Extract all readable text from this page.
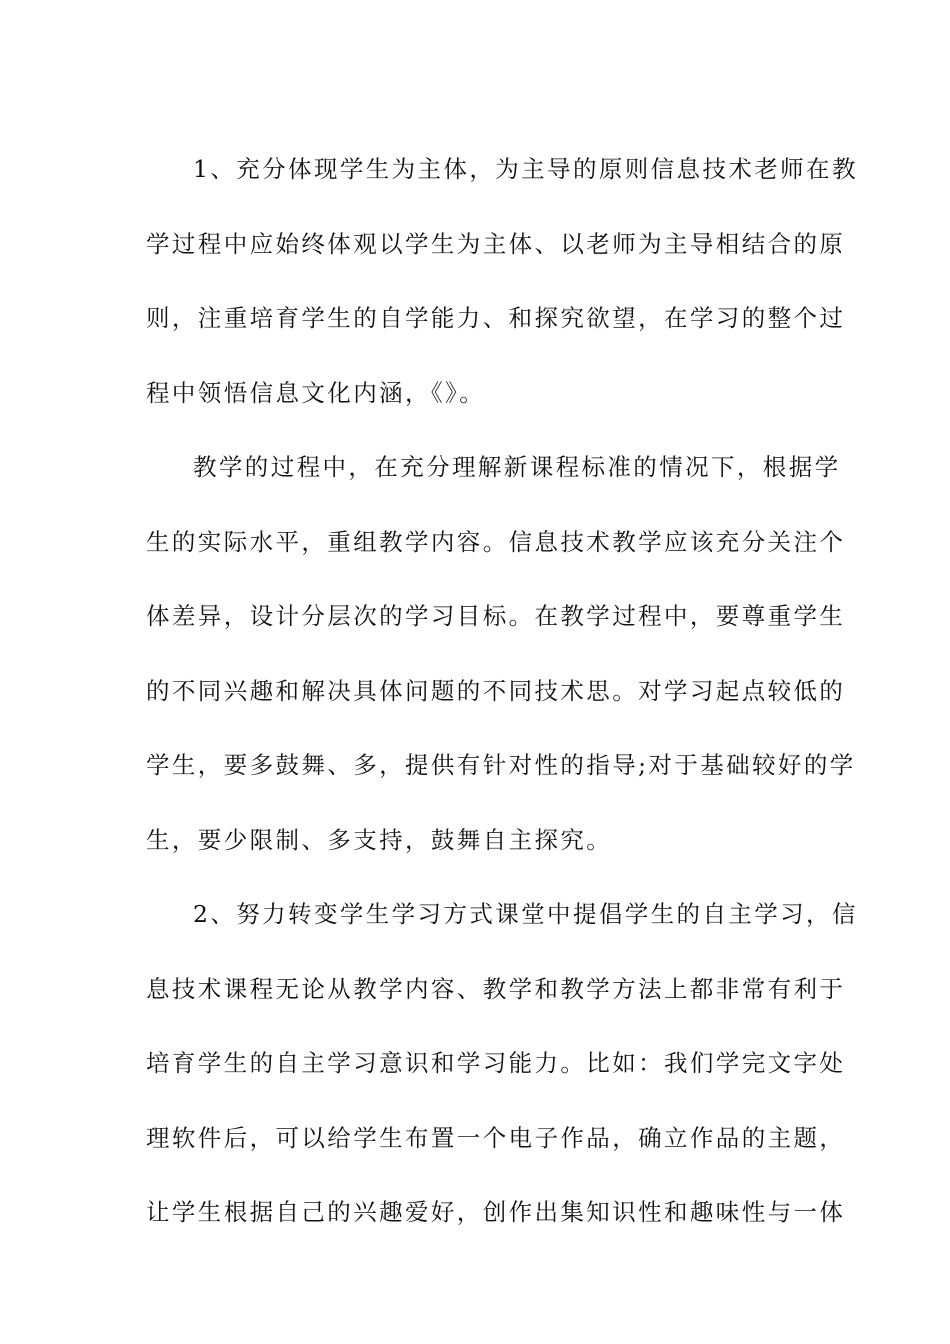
1、充分体现学生为主体，为主导的原则信息技术老师在教
学过程中应始终体观以学生为主体、以老师为主导相结合的原
则，注重培育学生的自学能力、和探究欲望，在学习的整个过
程中领悟信息文化内涵，《》。
教学的过程中，在充分理解新课程标准的情况下，根据学
生的实际水平，重组教学内容。信息技术教学应该充分关注个
体差异，设计分层次的学习目标。在教学过程中，要尊重学生
的不同兴趣和解决具体问题的不同技术思。对学习起点较低的
学生，要多鼓舞、多，提供有针对性的指导;对于基础较好的学
生，要少限制、多支持，鼓舞自主探究。
2、努力转变学生学习方式课堂中提倡学生的自主学习，信
息技术课程无论从教学内容、教学和教学方法上都非常有利于
培育学生的自主学习意识和学习能力。比如：我们学完文字处
理软件后，可以给学生布置一个电子作品，确立作品的主题，
让学生根据自己的兴趣爱好，创作出集知识性和趣味性与一体
